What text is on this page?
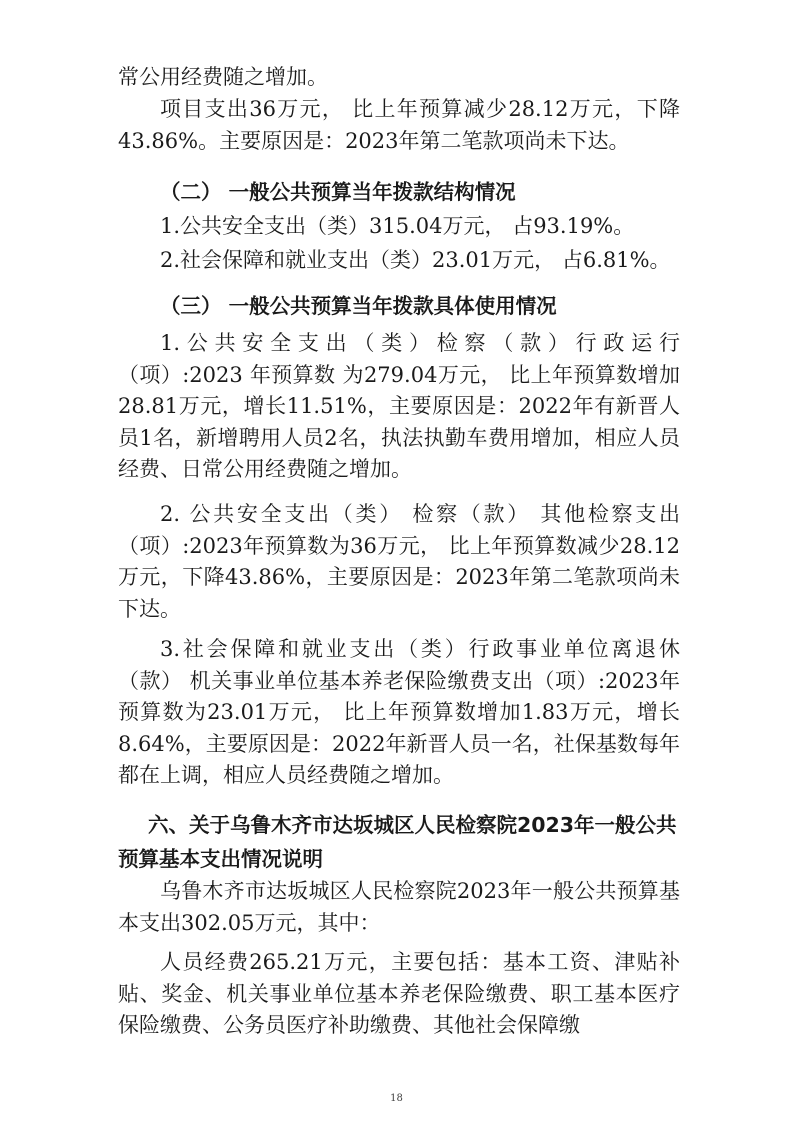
常公用经费随之增加。

项目支出36万元， 比上年预算减少28.12万元，下降43.86%。主要原因是：2023年第二笔款项尚未下达。

（二） 一般公共预算当年拨款结构情况

1.公共安全支出（类）315.04万元， 占93.19%。

2.社会保障和就业支出（类）23.01万元， 占6.81%。

（三） 一般公共预算当年拨款具体使用情况

1.公共安全支出（类）检察（款）行政运行（项）:2023 年预算数 为279.04万元， 比上年预算数增加28.81万元，增长11.51%，主要原因是：2022年有新晋人员1名，新增聘用人员2名，执法执勤车费用增加，相应人员经费、日常公用经费随之增加。

2. 公共安全支出（类） 检察（款） 其他检察支出（项）:2023年预算数为36万元， 比上年预算数减少28.12万元，下降43.86%，主要原因是：2023年第二笔款项尚未下达。

3.社会保障和就业支出（类）行政事业单位离退休（款） 机关事业单位基本养老保险缴费支出（项）:2023年预算数为23.01万元， 比上年预算数增加1.83万元，增长8.64%，主要原因是：2022年新晋人员一名，社保基数每年都在上调，相应人员经费随之增加。

六、关于乌鲁木齐市达坂城区人民检察院2023年一般公共预算基本支出情况说明

乌鲁木齐市达坂城区人民检察院2023年一般公共预算基本支出302.05万元，其中：

人员经费265.21万元，主要包括：基本工资、津贴补贴、奖金、机关事业单位基本养老保险缴费、职工基本医疗保险缴费、公务员医疗补助缴费、其他社会保障缴

18
